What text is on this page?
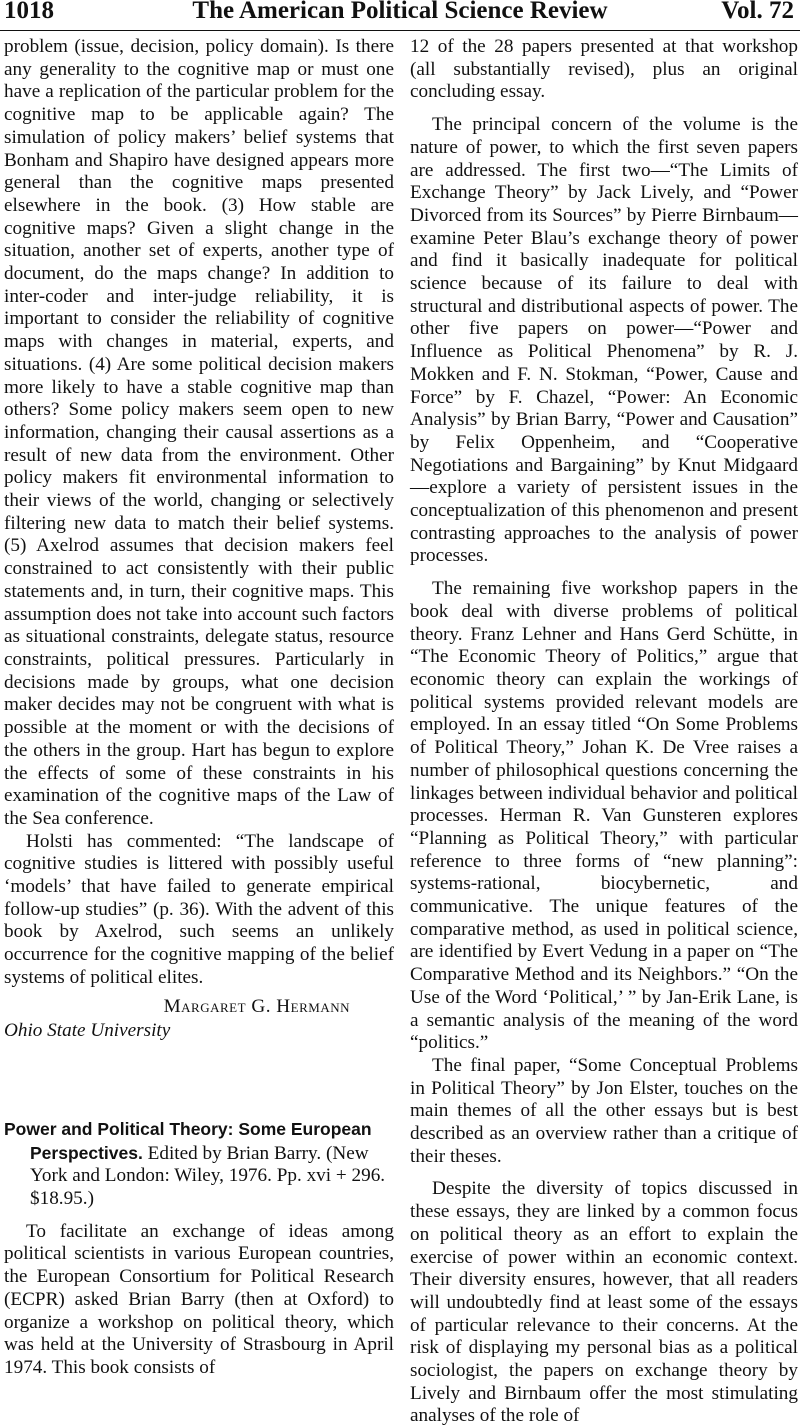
The American Political Science Review
1018	Vol. 72

problem (issue, decision, policy domain). Is there any generality to the cognitive map or must one have a replication of the particular problem for the cognitive map to be applicable again? The simulation of policy makers’ belief systems that Bonham and Shapiro have designed appears more general than the cognitive maps presented elsewhere in the book. (3) How stable are cognitive maps? Given a slight change in the situation, another set of experts, another type of document, do the maps change? In addition to inter-coder and inter-judge reliability, it is important to consider the reliability of cognitive maps with changes in material, experts, and situations. (4) Are some political decision makers more likely to have a stable cognitive map than others? Some policy makers seem open to new information, changing their causal assertions as a result of new data from the environment. Other policy makers fit environmental information to their views of the world, changing or selectively filtering new data to match their belief systems. (5) Axelrod assumes that decision makers feel constrained to act consistently with their public statements and, in turn, their cognitive maps. This assumption does not take into account such factors as situational constraints, delegate status, resource constraints, political pressures. Particularly in decisions made by groups, what one decision maker decides may not be congruent with what is possible at the moment or with the decisions of the others in the group. Hart has begun to explore the effects of some of these constraints in his examination of the cognitive maps of the Law of the Sea conference.

Holsti has commented: “The landscape of cognitive studies is littered with possibly useful ‘models’ that have failed to generate empirical follow-up studies” (p. 36). With the advent of this book by Axelrod, such seems an unlikely occurrence for the cognitive mapping of the belief systems of political elites.

Margaret G. Hermann

Ohio State University

Power and Political Theory: Some European Perspectives. Edited by Brian Barry. (New York and London: Wiley, 1976. Pp. xvi + 296. $18.95.)

To facilitate an exchange of ideas among political scientists in various European countries, the European Consortium for Political Research (ECPR) asked Brian Barry (then at Oxford) to organize a workshop on political theory, which was held at the University of Strasbourg in April 1974. This book consists of

12 of the 28 papers presented at that workshop (all substantially revised), plus an original concluding essay.

The principal concern of the volume is the nature of power, to which the first seven papers are addressed. The first two—“The Limits of Exchange Theory” by Jack Lively, and “Power Divorced from its Sources” by Pierre Birnbaum—examine Peter Blau’s exchange theory of power and find it basically inadequate for political science because of its failure to deal with structural and distributional aspects of power. The other five papers on power—“Power and Influence as Political Phenomena” by R. J. Mokken and F. N. Stokman, “Power, Cause and Force” by F. Chazel, “Power: An Economic Analysis” by Brian Barry, “Power and Causation” by Felix Oppenheim, and “Cooperative Negotiations and Bargaining” by Knut Midgaard—explore a variety of persistent issues in the conceptualization of this phenomenon and present contrasting approaches to the analysis of power processes.

The remaining five workshop papers in the book deal with diverse problems of political theory. Franz Lehner and Hans Gerd Schütte, in “The Economic Theory of Politics,” argue that economic theory can explain the workings of political systems provided relevant models are employed. In an essay titled “On Some Problems of Political Theory,” Johan K. De Vree raises a number of philosophical questions concerning the linkages between individual behavior and political processes. Herman R. Van Gunsteren explores “Planning as Political Theory,” with particular reference to three forms of “new planning”: systems-rational, biocybernetic, and communicative. The unique features of the comparative method, as used in political science, are identified by Evert Vedung in a paper on “The Comparative Method and its Neighbors.” “On the Use of the Word ‘Political,’ ” by Jan-Erik Lane, is a semantic analysis of the meaning of the word “politics.”

The final paper, “Some Conceptual Problems in Political Theory” by Jon Elster, touches on the main themes of all the other essays but is best described as an overview rather than a critique of their theses.

Despite the diversity of topics discussed in these essays, they are linked by a common focus on political theory as an effort to explain the exercise of power within an economic context. Their diversity ensures, however, that all readers will undoubtedly find at least some of the essays of particular relevance to their concerns. At the risk of displaying my personal bias as a political sociologist, the papers on exchange theory by Lively and Birnbaum offer the most stimulating analyses of the role of
